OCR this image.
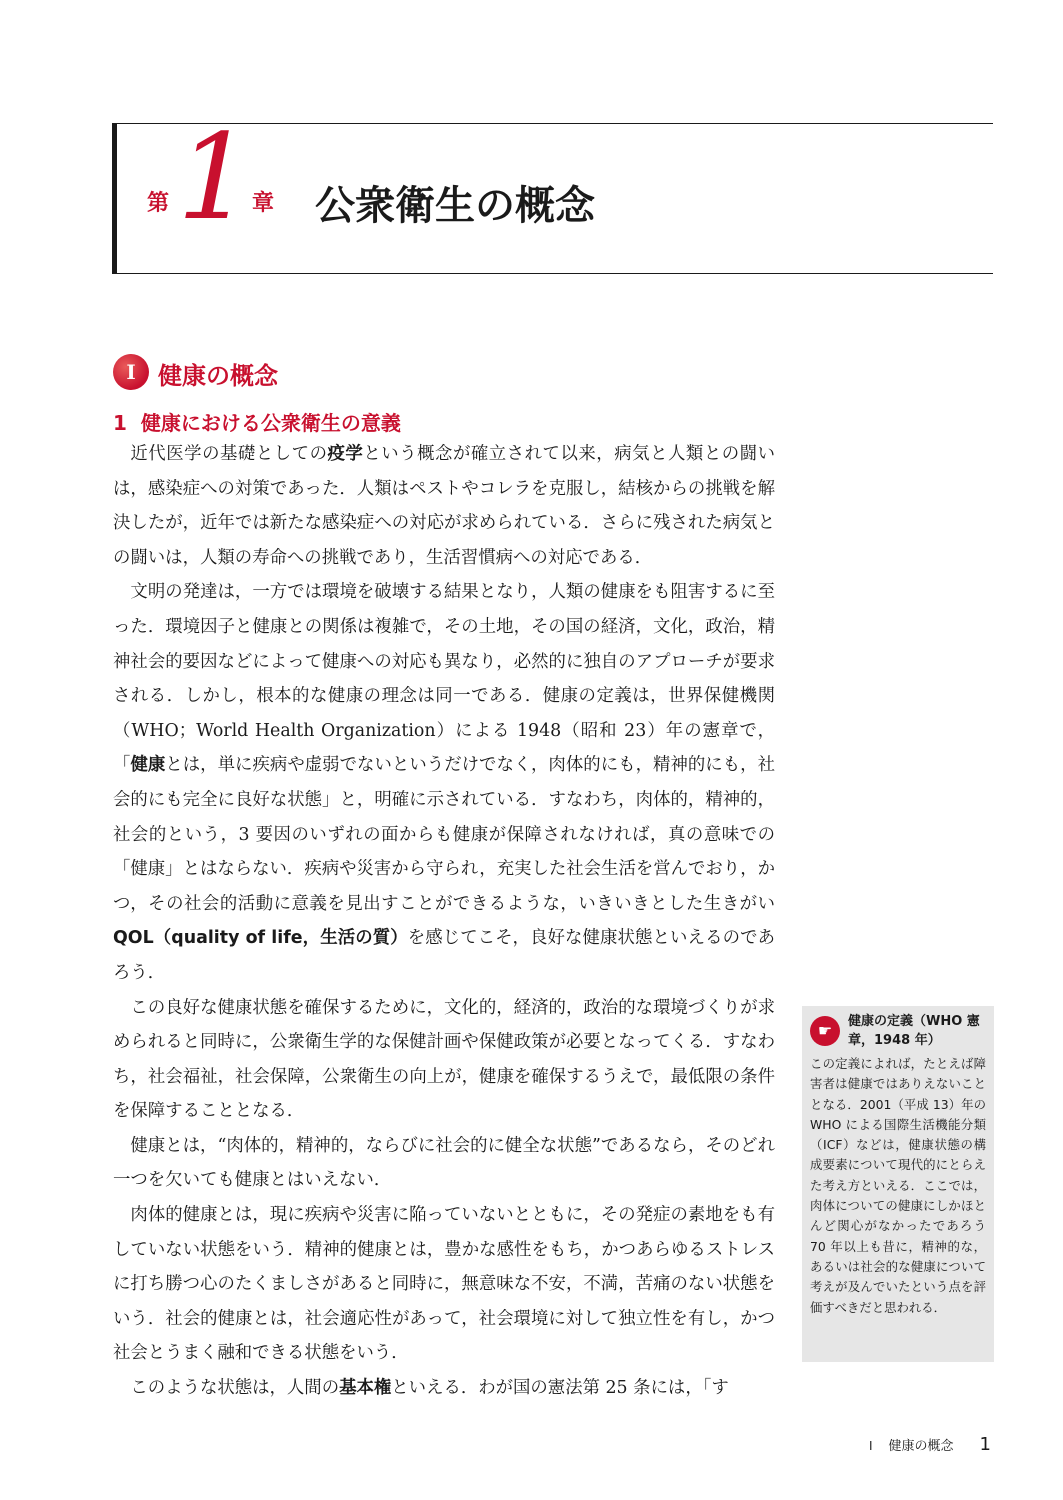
第 1 章 公衆衛生の概念
I 健康の概念
1 健康における公衆衛生の意義

近代医学の基礎としての疫学という概念が確立されて以来，病気と人類との闘いは，感染症への対策であった．人類はペストやコレラを克服し，結核からの挑戦を解決したが，近年では新たな感染症への対応が求められている．さらに残された病気との闘いは，人類の寿命への挑戦であり，生活習慣病への対応である．

文明の発達は，一方では環境を破壊する結果となり，人類の健康をも阻害するに至った．環境因子と健康との関係は複雑で，その土地，その国の経済，文化，政治，精神社会的要因などによって健康への対応も異なり，必然的に独自のアプローチが要求される．しかし，根本的な健康の理念は同一である．健康の定義は，世界保健機関（WHO；World Health Organization）による 1948（昭和 23）年の憲章で，「健康とは，単に疾病や虚弱でないというだけでなく，肉体的にも，精神的にも，社会的にも完全に良好な状態」と，明確に示されている．すなわち，肉体的，精神的，社会的という，3 要因のいずれの面からも健康が保障されなければ，真の意味での「健康」とはならない．疾病や災害から守られ，充実した社会生活を営んでおり，かつ，その社会的活動に意義を見出すことができるような，いきいきとした生きがい QOL（quality of life，生活の質）を感じてこそ，良好な健康状態といえるのであろう．

この良好な健康状態を確保するために，文化的，経済的，政治的な環境づくりが求められると同時に，公衆衛生学的な保健計画や保健政策が必要となってくる．すなわち，社会福祉，社会保障，公衆衛生の向上が，健康を確保するうえで，最低限の条件を保障することとなる．

健康とは，“肉体的，精神的，ならびに社会的に健全な状態”であるなら，そのどれ一つを欠いても健康とはいえない．

肉体的健康とは，現に疾病や災害に陥っていないとともに，その発症の素地をも有していない状態をいう．精神的健康とは，豊かな感性をもち，かつあらゆるストレスに打ち勝つ心のたくましさがあると同時に，無意味な不安，不満，苦痛のない状態をいう．社会的健康とは，社会適応性があって，社会環境に対して独立性を有し，かつ社会とうまく融和できる状態をいう．

このような状態は，人間の基本権といえる．わが国の憲法第 25 条には，「す

☛	健康の定義（WHO 憲章，1948 年）
この定義によれば，たとえば障害者は健康ではありえないこととなる．2001（平成 13）年の WHO による国際生活機能分類（ICF）などは，健康状態の構成要素について現代的にとらえた考え方といえる．ここでは，肉体についての健康にしかほとんど関心がなかったであろう 70 年以上も昔に，精神的な，あるいは社会的な健康について考えが及んでいたという点を評価すべきだと思われる．
I 健康の概念 1
